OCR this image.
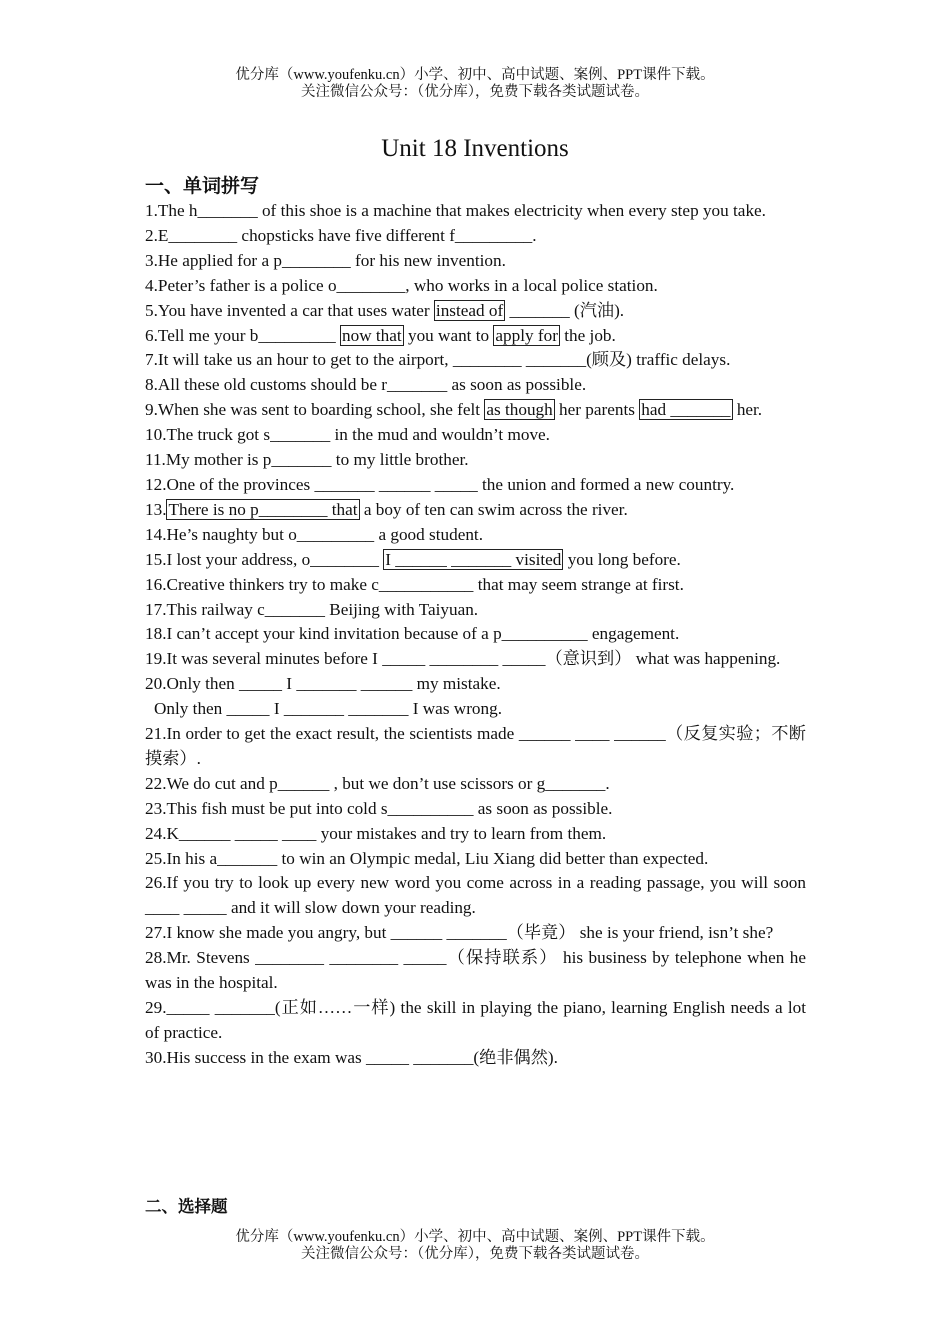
优分库（www.youfenku.cn）小学、初中、高中试题、案例、PPT课件下载。
关注微信公众号：（优分库），免费下载各类试题试卷。
Unit 18 Inventions
一、单词拼写

1.The h_______ of this shoe is a machine that makes electricity when every step you take.

2.E________ chopsticks have five different f_________.

3.He applied for a p________ for his new invention.

4.Peter’s father is a police o________, who works in a local police station.

5.You have invented a car that uses water instead of _______ (汽油).

6.Tell me your b_________ now that you want to apply for the job.

7.It will take us an hour to get to the airport, ________ _______(顾及) traffic delays.

8.All these old customs should be r_______ as soon as possible.

9.When she was sent to boarding school, she felt as though her parents had _______ her.

10.The truck got s_______ in the mud and wouldn’t move.

11.My mother is p_______ to my little brother.

12.One of the provinces _______ ______ _____ the union and formed a new country.

13. There is no p________ that a boy of ten can swim across the river.

14.He’s naughty but o_________ a good student.

15.I lost your address, o________ I ______ _______ visited you long before.

16.Creative thinkers try to make c___________ that may seem strange at first.

17.This railway c_______ Beijing with Taiyuan.

18.I can’t accept your kind invitation because of a p__________ engagement.

19.It was several minutes before I _____ ________ _____（意识到） what was happening.

20.Only then _____ I _______ ______ my mistake.

Only then _____ I _______ _______ I was wrong.

21.In order to get the exact result, the scientists made ______ ____ ______（反复实验；不断摸索）.

22.We do cut and p______ , but we don’t use scissors or g_______.

23.This fish must be put into cold s__________ as soon as possible.

24.K______ _____ ____ your mistakes and try to learn from them.

25.In his a_______ to win an Olympic medal, Liu Xiang did better than expected.

26.If you try to look up every new word you come across in a reading passage, you will soon ____ _____ and it will slow down your reading.

27.I know she made you angry, but ______ _______（毕竟） she is your friend, isn’t she?

28.Mr. Stevens ________ ________ _____（保持联系） his business by telephone when he was in the hospital.

29._____ _______(正如……一样) the skill in playing the piano, learning English needs a lot of practice.

30.His success in the exam was _____ _______(绝非偶然).

二、选择题
优分库（www.youfenku.cn）小学、初中、高中试题、案例、PPT课件下载。
关注微信公众号：（优分库），免费下载各类试题试卷。
